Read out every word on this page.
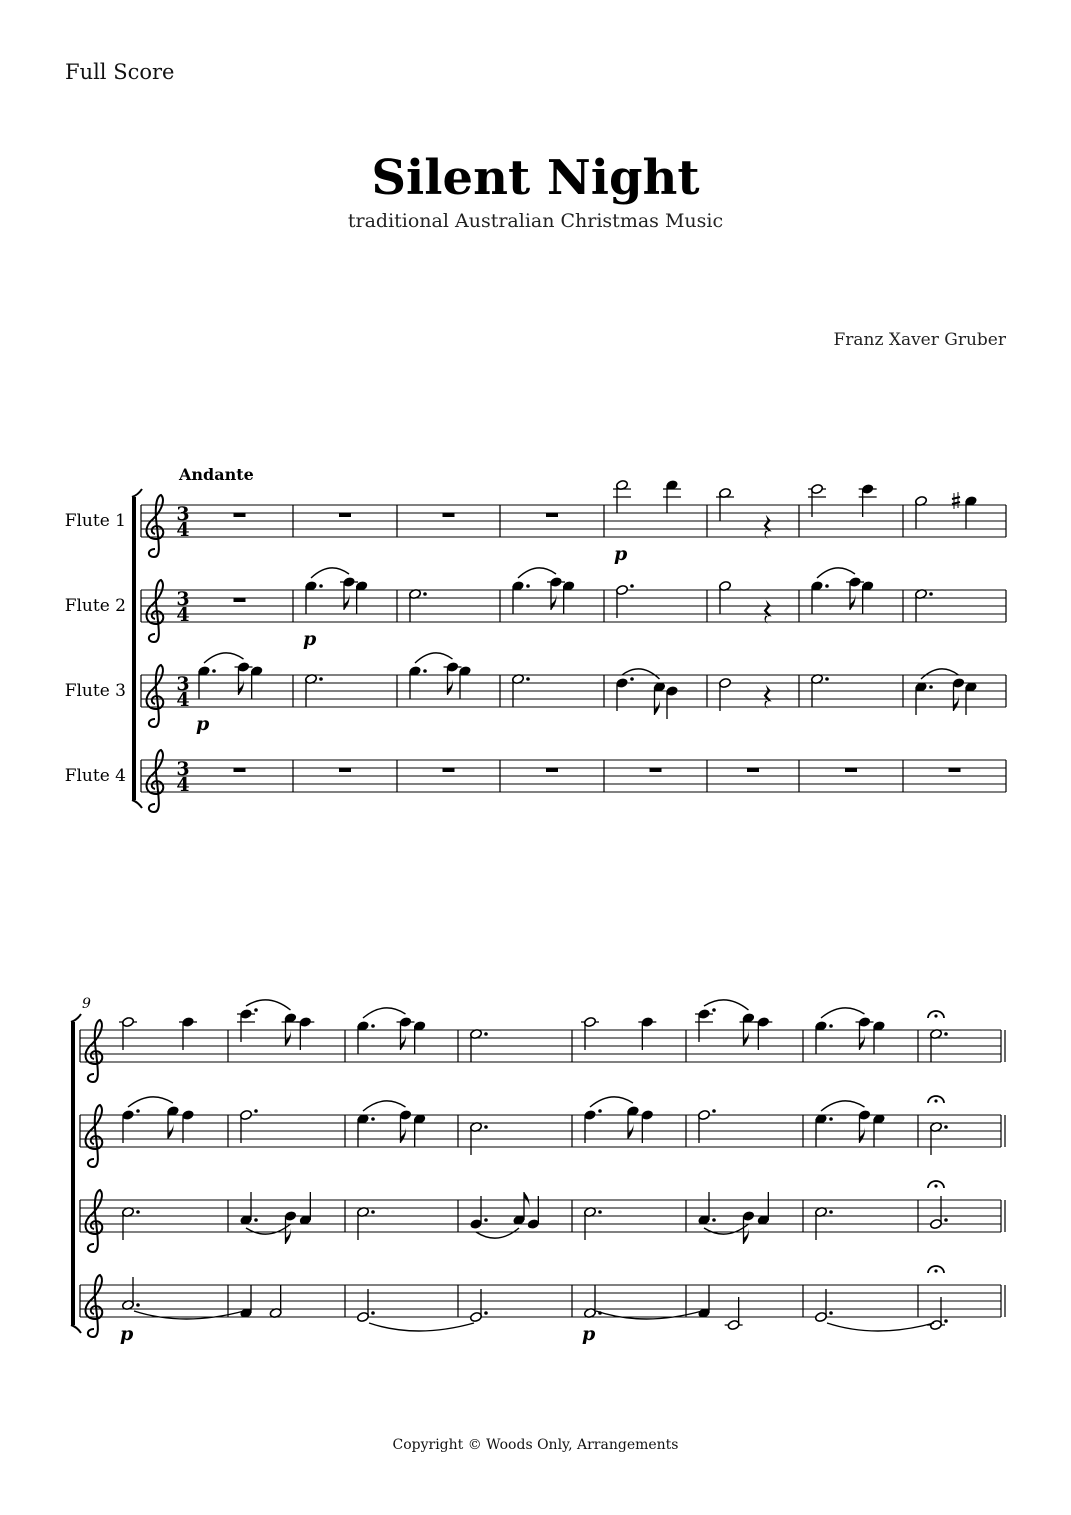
Full Score
Silent Night
traditional Australian Christmas Music
Franz Xaver Gruber
3
4
Flute 1
3
4
Flute 2
3
4
Flute 3
3
4
Flute 4
p
p
p
Andante
p	p
9
Copyright © Woods Only, Arrangements
